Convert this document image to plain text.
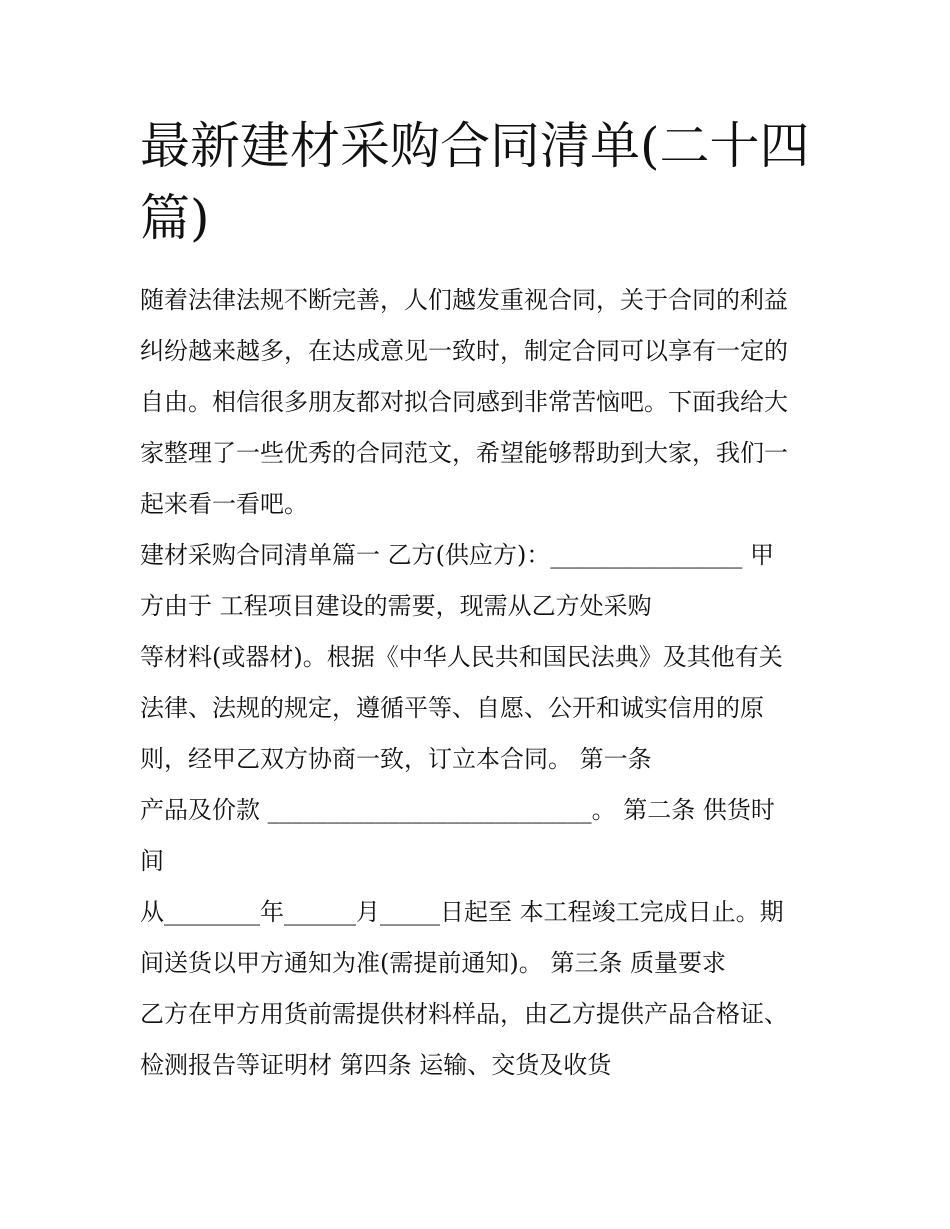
最新建材采购合同清单(二十四
篇)

随着法律法规不断完善，人们越发重视合同，关于合同的利益

纠纷越来越多，在达成意见一致时，制定合同可以享有一定的

自由。相信很多朋友都对拟合同感到非常苦恼吧。下面我给大

家整理了一些优秀的合同范文，希望能够帮助到大家，我们一

起来看一看吧。

建材采购合同清单篇一 乙方(供应方)：________________ 甲

方由于 工程项目建设的需要，现需从乙方处采购

等材料(或器材)。根据《中华人民共和国民法典》及其他有关

法律、法规的规定，遵循平等、自愿、公开和诚实信用的原

则，经甲乙双方协商一致，订立本合同。 第一条

产品及价款 ___________________________。 第二条 供货时

间

从________年______月_____日起至 本工程竣工完成日止。期

间送货以甲方通知为准(需提前通知)。 第三条 质量要求

乙方在甲方用货前需提供材料样品，由乙方提供产品合格证、

检测报告等证明材 第四条 运输、交货及收货
